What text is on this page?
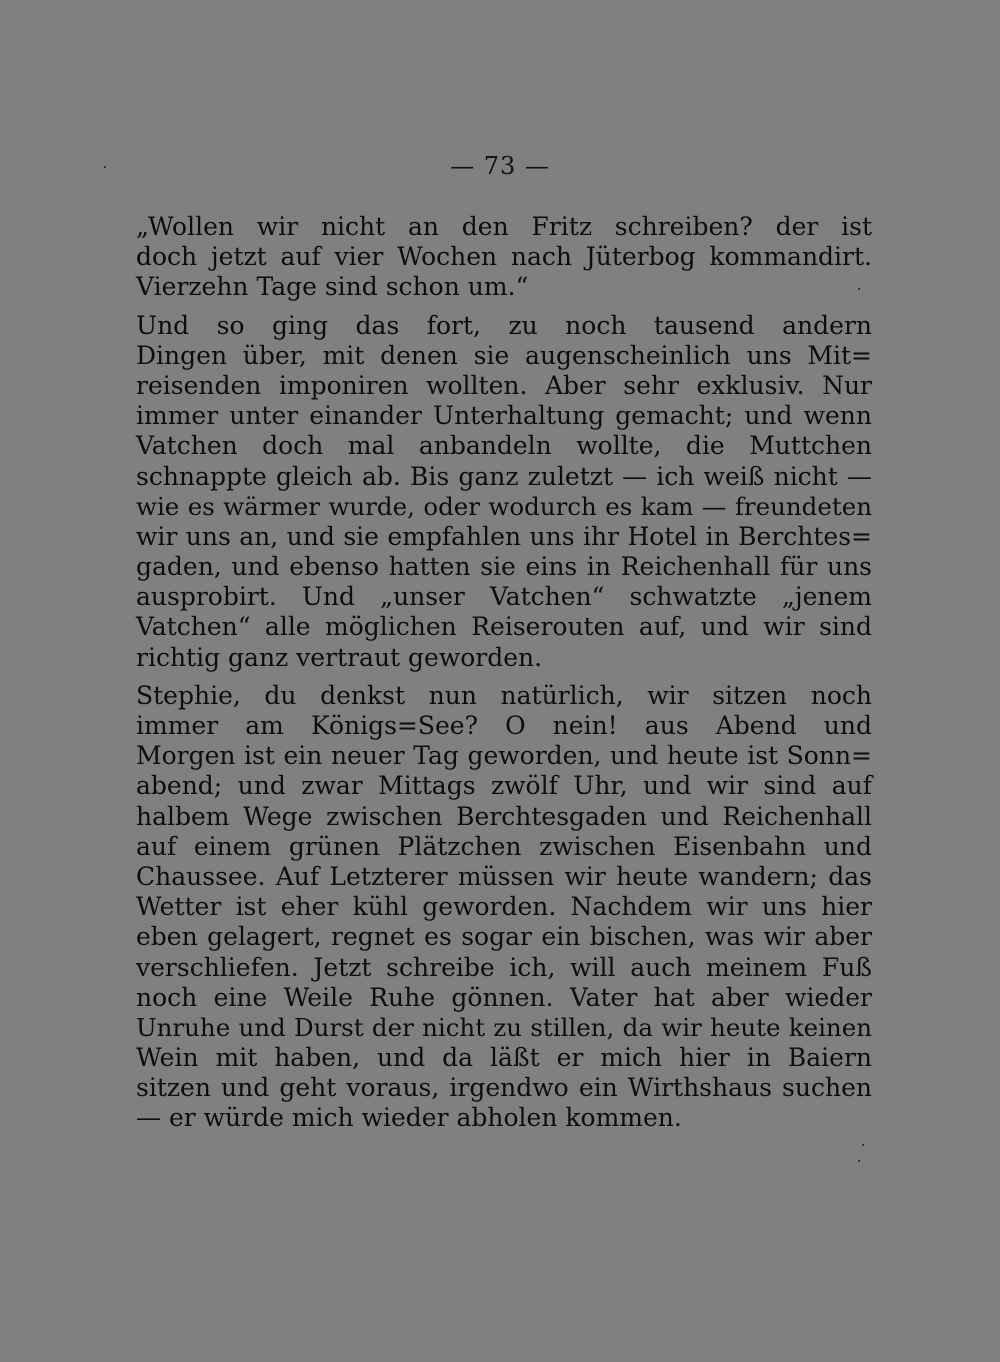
— 73 —
„Wollen wir nicht an den Fritz schreiben? der ist
doch jetzt auf vier Wochen nach Jüterbog kommandirt.
Vierzehn Tage sind schon um.“
Und so ging das fort, zu noch tausend andern
Dingen über, mit denen sie augenscheinlich uns Mit=
reisenden imponiren wollten. Aber sehr exklusiv. Nur
immer unter einander Unterhaltung gemacht; und wenn
Vatchen doch mal anbandeln wollte, die Muttchen
schnappte gleich ab. Bis ganz zuletzt — ich weiß nicht —
wie es wärmer wurde, oder wodurch es kam — freundeten
wir uns an, und sie empfahlen uns ihr Hotel in Berchtes=
gaden, und ebenso hatten sie eins in Reichenhall für uns
ausprobirt. Und „unser Vatchen“ schwatzte „jenem
Vatchen“ alle möglichen Reiserouten auf, und wir sind
richtig ganz vertraut geworden.
Stephie, du denkst nun natürlich, wir sitzen noch
immer am Königs=See? O nein! aus Abend und
Morgen ist ein neuer Tag geworden, und heute ist Sonn=
abend; und zwar Mittags zwölf Uhr, und wir sind auf
halbem Wege zwischen Berchtesgaden und Reichenhall
auf einem grünen Plätzchen zwischen Eisenbahn und
Chaussee. Auf Letzterer müssen wir heute wandern; das
Wetter ist eher kühl geworden. Nachdem wir uns hier
eben gelagert, regnet es sogar ein bischen, was wir aber
verschliefen. Jetzt schreibe ich, will auch meinem Fuß
noch eine Weile Ruhe gönnen. Vater hat aber wieder
Unruhe und Durst der nicht zu stillen, da wir heute keinen
Wein mit haben, und da läßt er mich hier in Baiern
sitzen und geht voraus, irgendwo ein Wirthshaus suchen
— er würde mich wieder abholen kommen.
